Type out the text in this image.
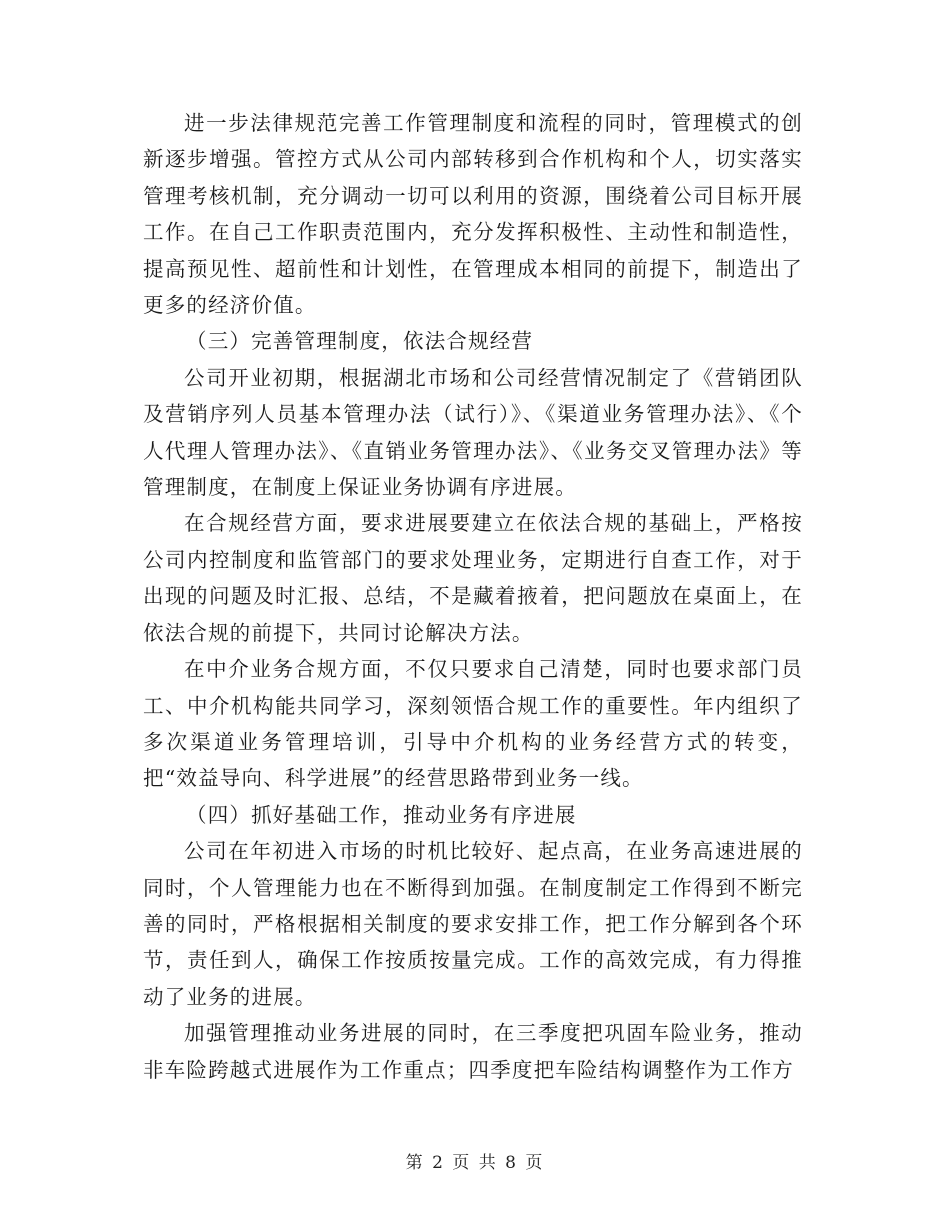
进一步法律规范完善工作管理制度和流程的同时，管理模式的创新逐步增强。管控方式从公司内部转移到合作机构和个人，切实落实管理考核机制，充分调动一切可以利用的资源，围绕着公司目标开展工作。在自己工作职责范围内，充分发挥积极性、主动性和制造性，提高预见性、超前性和计划性，在管理成本相同的前提下，制造出了更多的经济价值。

（三）完善管理制度，依法合规经营

公司开业初期，根据湖北市场和公司经营情况制定了《营销团队及营销序列人员基本管理办法（试行）》、《渠道业务管理办法》、《个人代理人管理办法》、《直销业务管理办法》、《业务交叉管理办法》等管理制度，在制度上保证业务协调有序进展。

在合规经营方面，要求进展要建立在依法合规的基础上，严格按公司内控制度和监管部门的要求处理业务，定期进行自查工作，对于出现的问题及时汇报、总结，不是藏着掖着，把问题放在桌面上，在依法合规的前提下，共同讨论解决方法。

在中介业务合规方面，不仅只要求自己清楚，同时也要求部门员工、中介机构能共同学习，深刻领悟合规工作的重要性。年内组织了多次渠道业务管理培训，引导中介机构的业务经营方式的转变，把“效益导向、科学进展”的经营思路带到业务一线。

（四）抓好基础工作，推动业务有序进展

公司在年初进入市场的时机比较好、起点高，在业务高速进展的同时，个人管理能力也在不断得到加强。在制度制定工作得到不断完善的同时，严格根据相关制度的要求安排工作，把工作分解到各个环节，责任到人，确保工作按质按量完成。工作的高效完成，有力得推动了业务的进展。

加强管理推动业务进展的同时，在三季度把巩固车险业务，推动非车险跨越式进展作为工作重点；四季度把车险结构调整作为工作方

第 2 页 共 8 页
